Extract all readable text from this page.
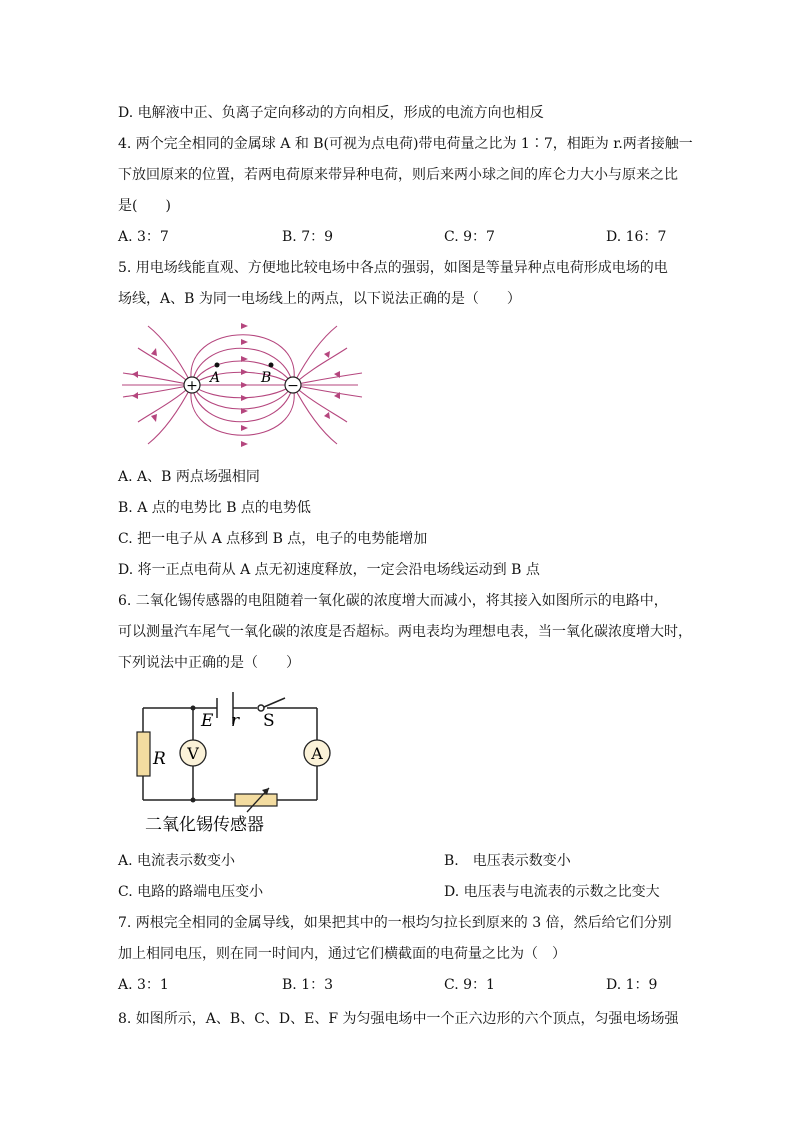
D. 电解液中正、负离子定向移动的方向相反，形成的电流方向也相反
4. 两个完全相同的金属球 A 和 B(可视为点电荷)带电荷量之比为 1∶7，相距为 r.两者接触一
下放回原来的位置，若两电荷原来带异种电荷，则后来两小球之间的库仑力大小与原来之比
是(　　)
A. 3：7	B. 7：9	C. 9：7	D. 16：7
5. 用电场线能直观、方便地比较电场中各点的强弱，如图是等量异种点电荷形成电场的电
场线，A、B 为同一电场线上的两点，以下说法正确的是（　　）
+	−
A	B
A. A、B 两点场强相同
B. A 点的电势比 B 点的电势低
C. 把一电子从 A 点移到 B 点，电子的电势能增加
D. 将一正点电荷从 A 点无初速度释放，一定会沿电场线运动到 B 点
6. 二氧化锡传感器的电阻随着一氧化碳的浓度增大而减小，将其接入如图所示的电路中，
可以测量汽车尾气一氧化碳的浓度是否超标。两电表均为理想电表，当一氧化碳浓度增大时，
下列说法中正确的是（　　）
V	A
E r S
R
二氧化锡传感器
A. 电流表示数变小	B.　电压表示数变小
C. 电路的路端电压变小	D. 电压表与电流表的示数之比变大
7. 两根完全相同的金属导线，如果把其中的一根均匀拉长到原来的 3 倍，然后给它们分别
加上相同电压，则在同一时间内，通过它们横截面的电荷量之比为（　）
A. 3：1	B. 1：3	C. 9：1	D. 1：9
8. 如图所示，A、B、C、D、E、F 为匀强电场中一个正六边形的六个顶点，匀强电场场强
